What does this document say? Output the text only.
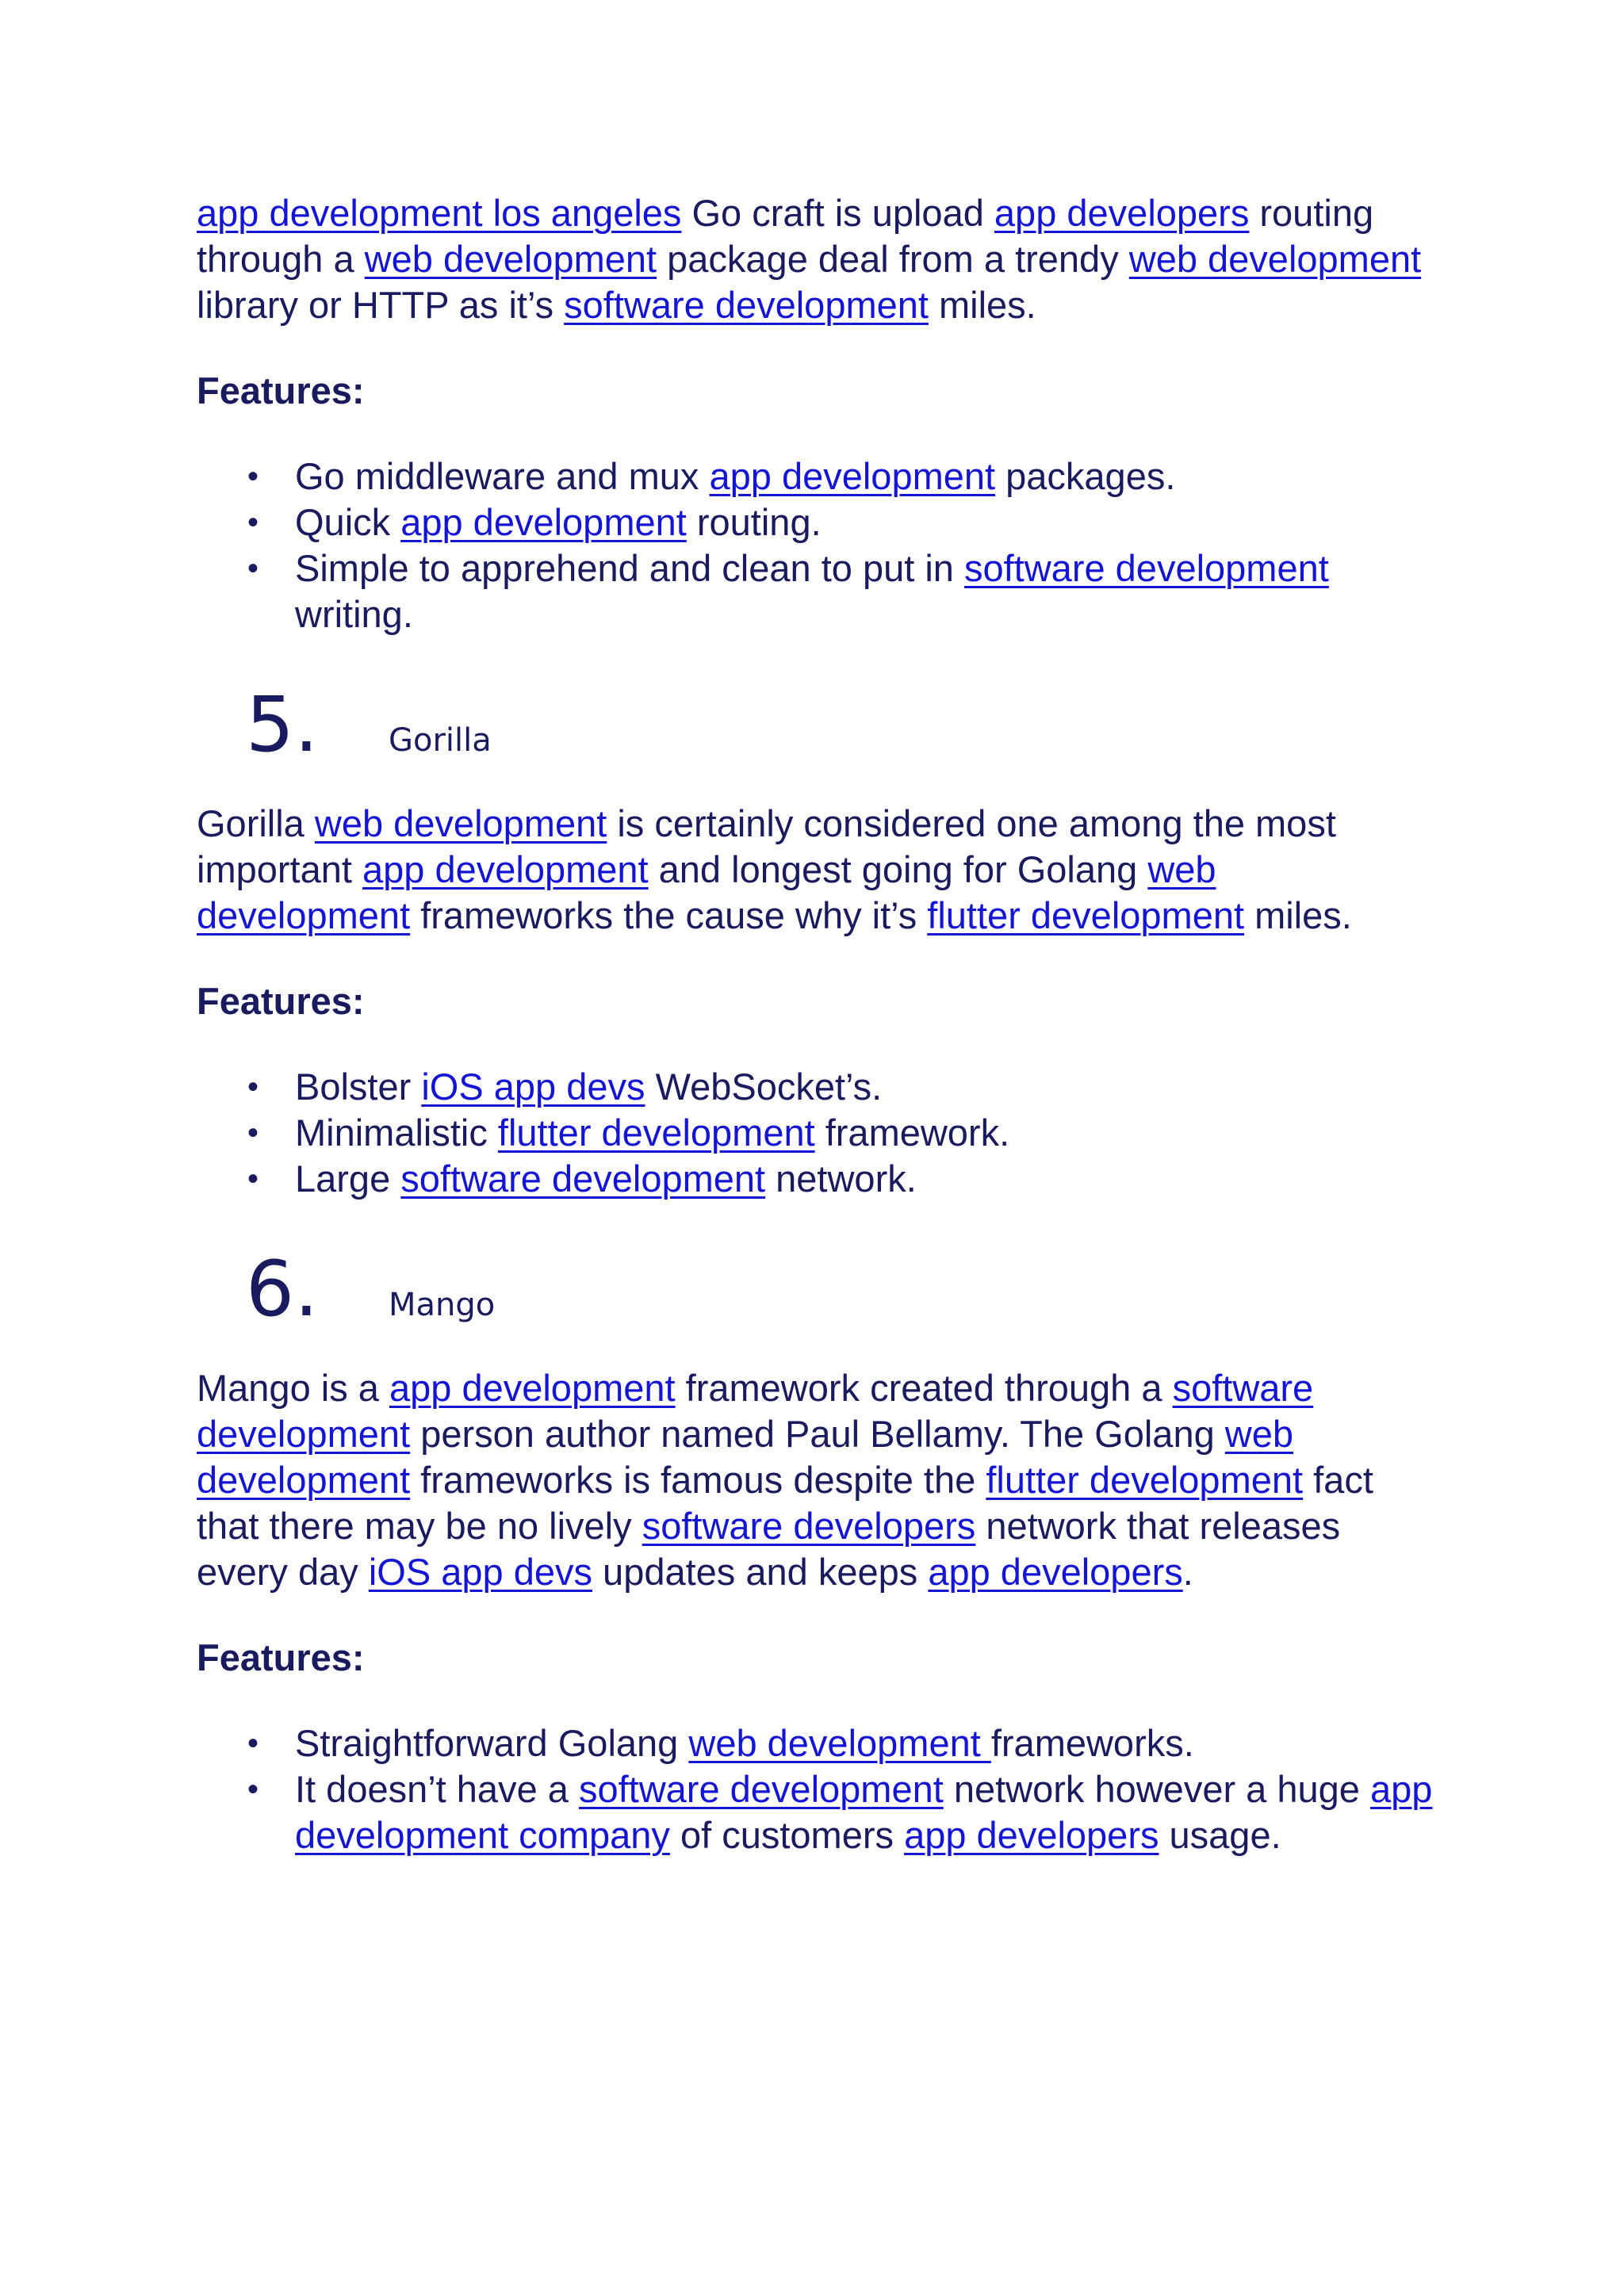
app development los angeles Go craft is upload app developers routing through a web development package deal from a trendy web development library or HTTP as it’s software development miles.

Features:
• Go middleware and mux app development packages.
• Quick app development routing.
• Simple to apprehend and clean to put in software development writing.
5.	Gorilla

Gorilla web development is certainly considered one among the most important app development and longest going for Golang web development frameworks the cause why it’s flutter development miles.

Features:
• Bolster iOS app devs WebSocket’s.
• Minimalistic flutter development framework.
• Large software development network.
6.	Mango

Mango is a app development framework created through a software development person author named Paul Bellamy. The Golang web development frameworks is famous despite the flutter development fact that there may be no lively software developers network that releases every day iOS app devs updates and keeps app developers.

Features:
• Straightforward Golang web development frameworks.
• It doesn’t have a software development network however a huge app development company of customers app developers usage.
